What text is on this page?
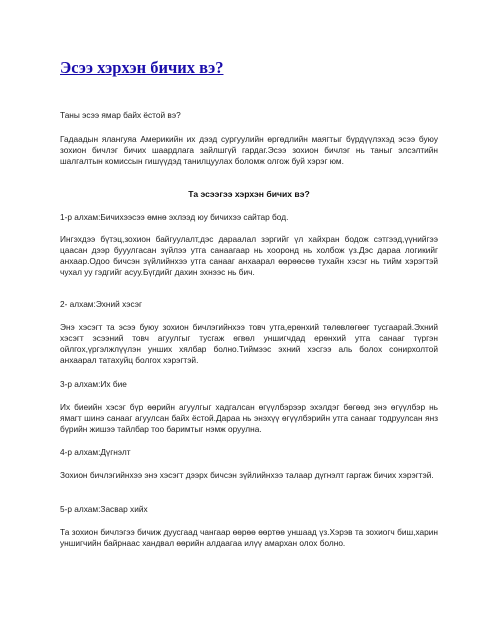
Эсээ хэрхэн бичих вэ?

Таны эсээ ямар байх ёстой вэ?

Гадаадын ялангуяа Америкийн их дээд сургуулийн өргөдлийн маягтыг бүрдүүлэхэд эсээ буюу зохион бичлэг бичих шаардлага зайлшгүй гардаг.Эсээ зохион бичлэг нь таныг элсэлтийн шалгалтын комиссын гишүүдэд танилцуулах боломж олгож буй хэрэг юм.

Та эсээгээ хэрхэн бичих вэ?

1-р алхам:Бичихээсээ өмнө эхлээд юу бичихээ сайтар бод.

Ингэхдээ бүтэц,зохион байгуулалт,дэс дараалал зэргийг үл хайхран бодож сэтгээд,үүнийгээ цаасан дээр бууулгасан зүйлээ утга санаагаар нь хооронд нь холбож үз.Дэс дараа логикийг анхаар.Одоо бичсэн зүйлийнхээ утга санааг анхаарал өөрөөсөө тухайн хэсэг нь тийм хэрэгтэй чухал уу гэдгийг асуу.Бүгдийг дахин эхнээс нь бич.

2- алхам:Эхний хэсэг

Энэ хэсэгт та эсээ буюу зохион бичлэгийнхээ товч утга,ерөнхий төлөвлөгөөг тусгаарай.Эхний хэсэгт эсээний товч агуулгыг тусгаж өгвөл уншигчдад ерөнхий утга санааг түргэн ойлгох,үргэлжлүүлэн унших хялбар болно.Тиймээс эхний хэсгээ аль болох сонирхолтой анхаарал татахуйц болгох хэрэгтэй.

3-р алхам:Их бие

Их биеийн хэсэг бүр өөрийн агуулгыг хадгалсан өгүүлбэрээр эхэлдэг бөгөөд энэ өгүүлбэр нь ямагт шинэ санааг агуулсан байх ёстой.Дараа нь энэхүү өгүүлбэрийн утга санааг тодруулсан янз бүрийн жишээ тайлбар тоо баримтыг нэмж оруулна.

4-р алхам:Дүгнэлт

Зохион бичлэгийнхээ энэ хэсэгт дээрх бичсэн зүйлийнхээ талаар дүгнэлт гаргаж бичих хэрэгтэй.

5-р алхам:Засвар хийх

Та зохион бичлэгээ бичиж дуусгаад чангаар өөрөө өөртөө уншаад үз.Хэрэв та зохиогч биш,харин уншигчийн байрнаас хандвал өөрийн алдаагаа илүү амархан олох болно.
